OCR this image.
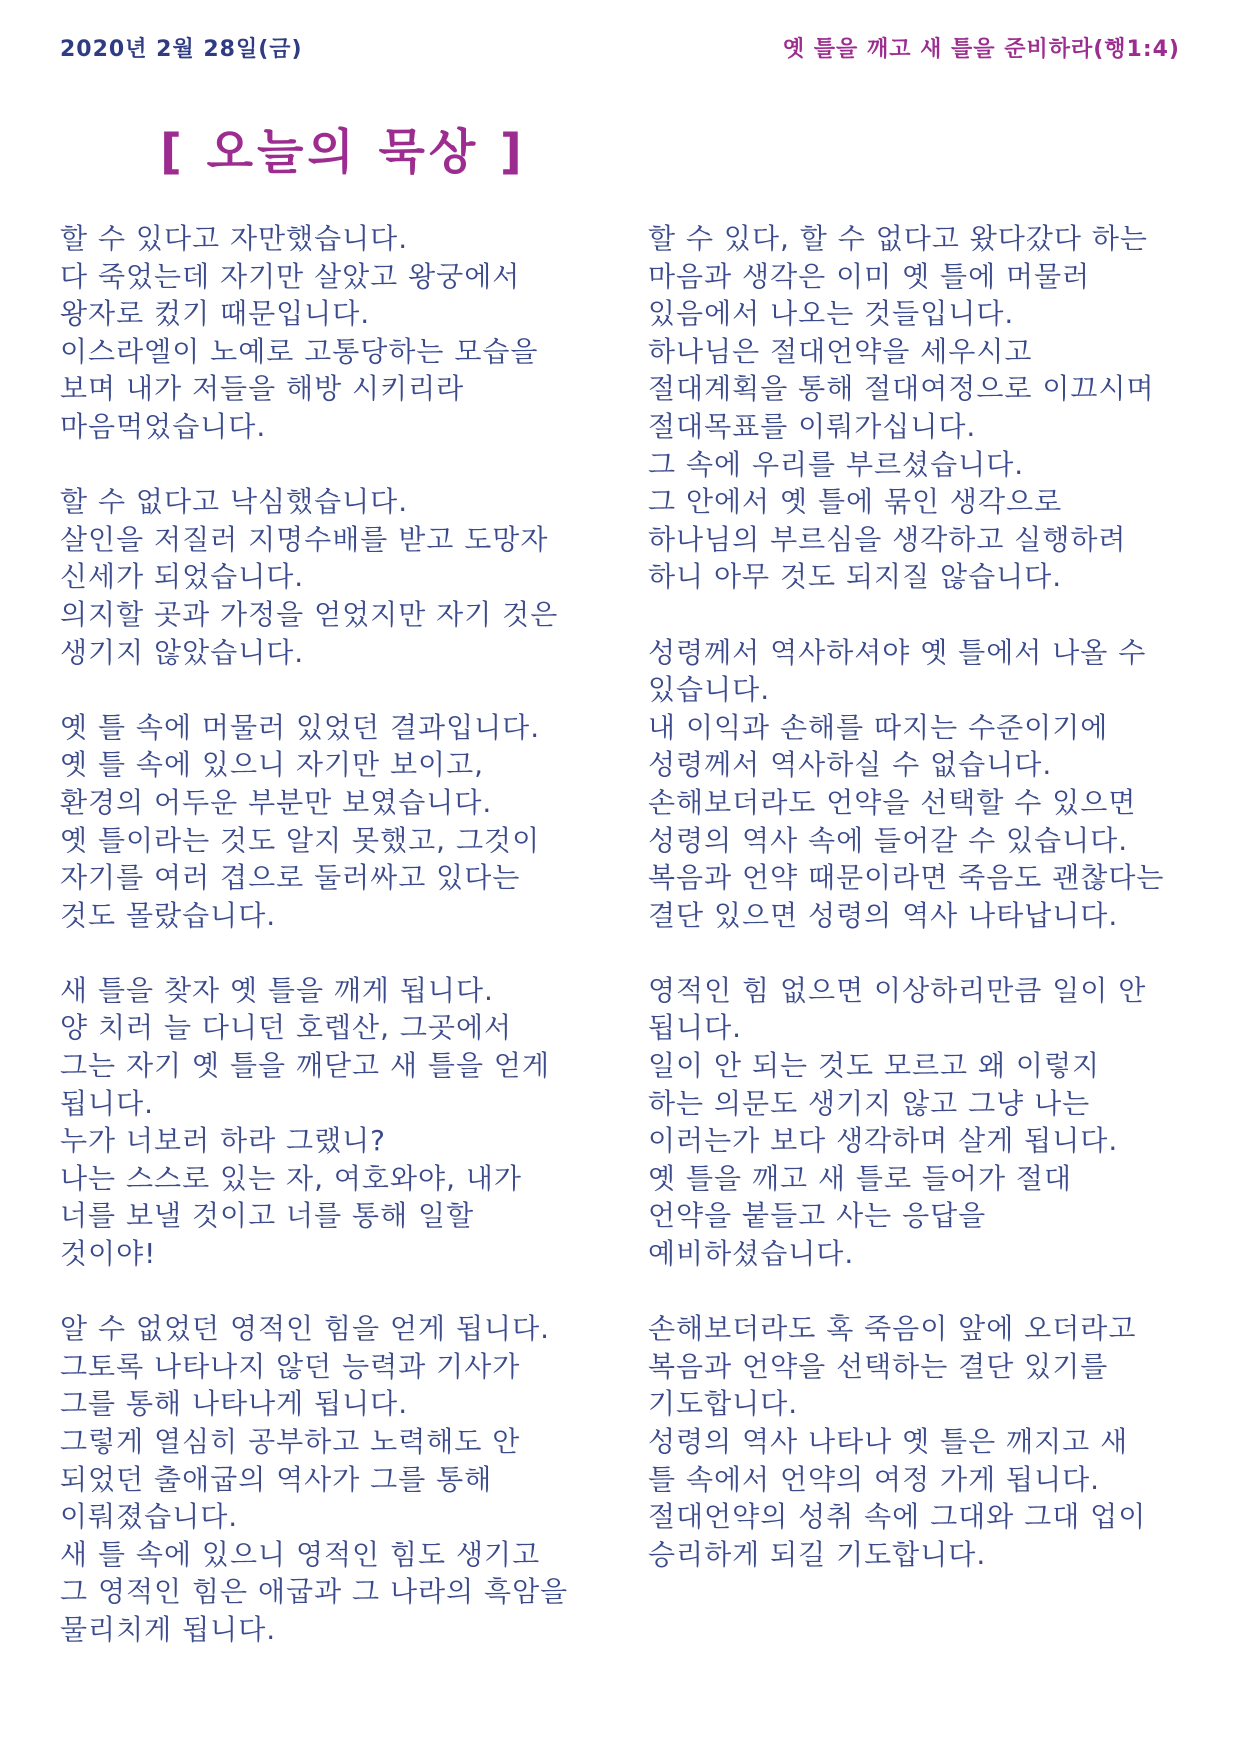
2020년 2월 28일(금)	옛 틀을 깨고 새 틀을 준비하라(행1:4)
[ 오늘의 묵상 ]
할 수 있다고 자만했습니다.
다 죽었는데 자기만 살았고 왕궁에서
왕자로 컸기 때문입니다.
이스라엘이 노예로 고통당하는 모습을
보며 내가 저들을 해방 시키리라
마음먹었습니다.
할 수 없다고 낙심했습니다.
살인을 저질러 지명수배를 받고 도망자
신세가 되었습니다.
의지할 곳과 가정을 얻었지만 자기 것은
생기지 않았습니다.
옛 틀 속에 머물러 있었던 결과입니다.
옛 틀 속에 있으니 자기만 보이고,
환경의 어두운 부분만 보였습니다.
옛 틀이라는 것도 알지 못했고, 그것이
자기를 여러 겹으로 둘러싸고 있다는
것도 몰랐습니다.
새 틀을 찾자 옛 틀을 깨게 됩니다.
양 치러 늘 다니던 호렙산, 그곳에서
그는 자기 옛 틀을 깨닫고 새 틀을 얻게
됩니다.
누가 너보러 하라 그랬니?
나는 스스로 있는 자, 여호와야, 내가
너를 보낼 것이고 너를 통해 일할
것이야!
알 수 없었던 영적인 힘을 얻게 됩니다.
그토록 나타나지 않던 능력과 기사가
그를 통해 나타나게 됩니다.
그렇게 열심히 공부하고 노력해도 안
되었던 출애굽의 역사가 그를 통해
이뤄졌습니다.
새 틀 속에 있으니 영적인 힘도 생기고
그 영적인 힘은 애굽과 그 나라의 흑암을
물리치게 됩니다.
할 수 있다, 할 수 없다고 왔다갔다 하는
마음과 생각은 이미 옛 틀에 머물러
있음에서 나오는 것들입니다.
하나님은 절대언약을 세우시고
절대계획을 통해 절대여정으로 이끄시며
절대목표를 이뤄가십니다.
그 속에 우리를 부르셨습니다.
그 안에서 옛 틀에 묶인 생각으로
하나님의 부르심을 생각하고 실행하려
하니 아무 것도 되지질 않습니다.
성령께서 역사하셔야 옛 틀에서 나올 수
있습니다.
내 이익과 손해를 따지는 수준이기에
성령께서 역사하실 수 없습니다.
손해보더라도 언약을 선택할 수 있으면
성령의 역사 속에 들어갈 수 있습니다.
복음과 언약 때문이라면 죽음도 괜찮다는
결단 있으면 성령의 역사 나타납니다.
영적인 힘 없으면 이상하리만큼 일이 안
됩니다.
일이 안 되는 것도 모르고 왜 이렇지
하는 의문도 생기지 않고 그냥 나는
이러는가 보다 생각하며 살게 됩니다.
옛 틀을 깨고 새 틀로 들어가 절대
언약을 붙들고 사는 응답을
예비하셨습니다.
손해보더라도 혹 죽음이 앞에 오더라고
복음과 언약을 선택하는 결단 있기를
기도합니다.
성령의 역사 나타나 옛 틀은 깨지고 새
틀 속에서 언약의 여정 가게 됩니다.
절대언약의 성취 속에 그대와 그대 업이
승리하게 되길 기도합니다.
